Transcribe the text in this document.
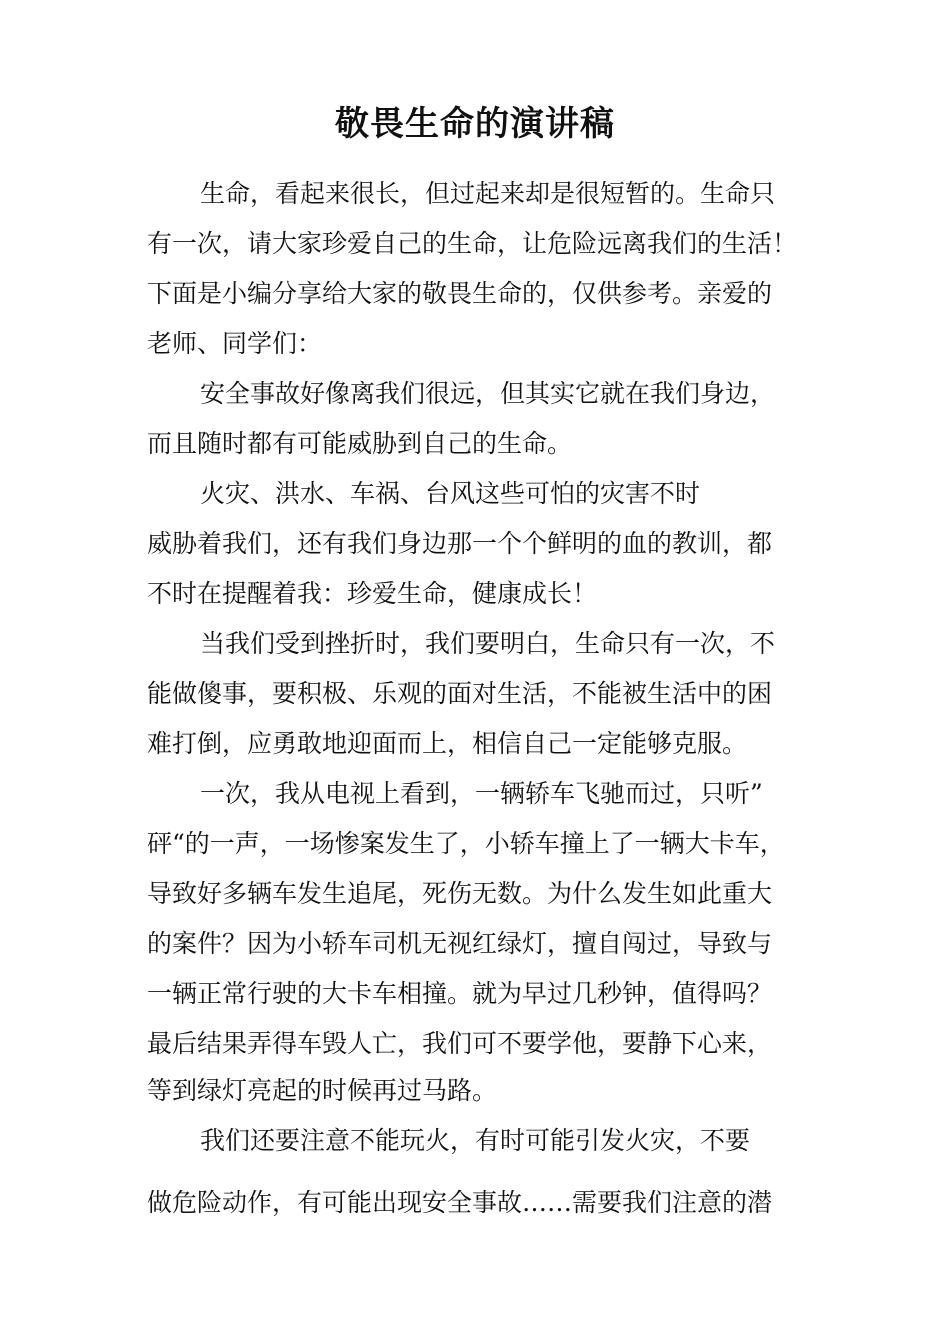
敬畏生命的演讲稿
生命，看起来很长，但过起来却是很短暂的。生命只
有一次，请大家珍爱自己的生命，让危险远离我们的生活！
下面是小编分享给大家的敬畏生命的，仅供参考。亲爱的
老师、同学们：
安全事故好像离我们很远，但其实它就在我们身边，
而且随时都有可能威胁到自己的生命。
火灾、洪水、车祸、台风这些可怕的灾害不时
威胁着我们，还有我们身边那一个个鲜明的血的教训，都
不时在提醒着我：珍爱生命，健康成长！
当我们受到挫折时，我们要明白，生命只有一次，不
能做傻事，要积极、乐观的面对生活，不能被生活中的困
难打倒，应勇敢地迎面而上，相信自己一定能够克服。
一次，我从电视上看到，一辆轿车飞驰而过，只听”
砰“的一声，一场惨案发生了，小轿车撞上了一辆大卡车，
导致好多辆车发生追尾，死伤无数。为什么发生如此重大
的案件？因为小轿车司机无视红绿灯，擅自闯过，导致与
一辆正常行驶的大卡车相撞。就为早过几秒钟，值得吗？
最后结果弄得车毁人亡，我们可不要学他，要静下心来，
等到绿灯亮起的时候再过马路。
我们还要注意不能玩火，有时可能引发火灾，不要
做危险动作，有可能出现安全事故……需要我们注意的潜
